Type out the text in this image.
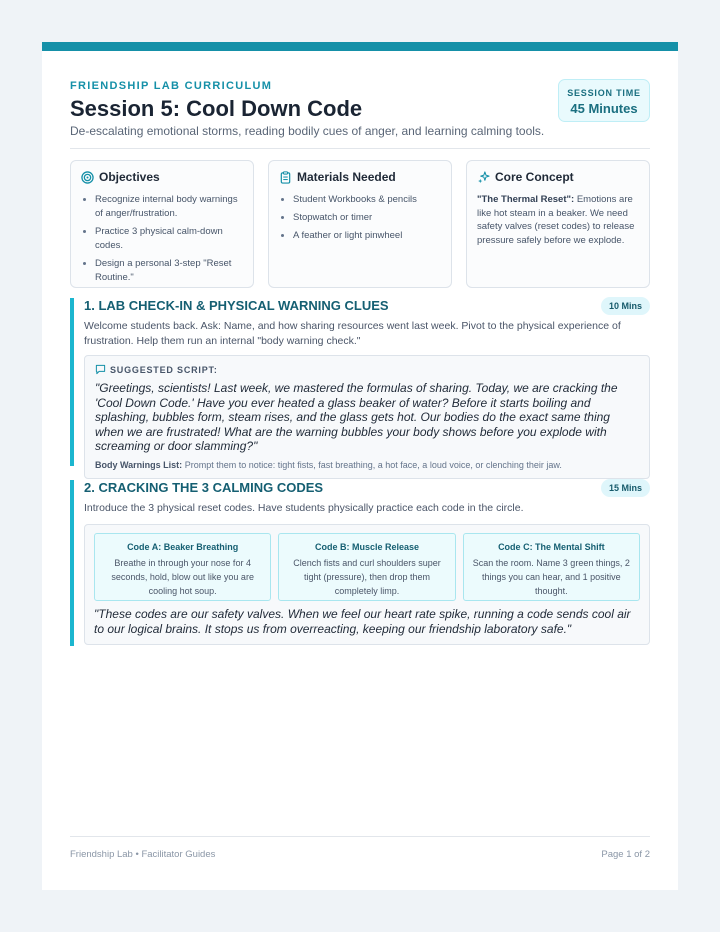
FRIENDSHIP LAB CURRICULUM
Session 5: Cool Down Code
De-escalating emotional storms, reading bodily cues of anger, and learning calming tools.
SESSION TIME
45 Minutes
Objectives
• Recognize internal body warnings of anger/frustration.
• Practice 3 physical calm-down codes.
• Design a personal 3-step "Reset Routine."
Materials Needed
• Student Workbooks & pencils
• Stopwatch or timer
• A feather or light pinwheel
Core Concept
"The Thermal Reset": Emotions are like hot steam in a beaker. We need safety valves (reset codes) to release pressure safely before we explode.
1. LAB CHECK-IN & PHYSICAL WARNING CLUES	10 Mins
Welcome students back. Ask: Name, and how sharing resources went last week. Pivot to the physical experience of frustration. Help them run an internal "body warning check."
SUGGESTED SCRIPT:
"Greetings, scientists! Last week, we mastered the formulas of sharing. Today, we are cracking the 'Cool Down Code.' Have you ever heated a glass beaker of water? Before it starts boiling and splashing, bubbles form, steam rises, and the glass gets hot. Our bodies do the exact same thing when we are frustrated! What are the warning bubbles your body shows before you explode with screaming or door slamming?"
Body Warnings List: Prompt them to notice: tight fists, fast breathing, a hot face, a loud voice, or clenching their jaw.
2. CRACKING THE 3 CALMING CODES	15 Mins
Introduce the 3 physical reset codes. Have students physically practice each code in the circle.
Code A: Beaker Breathing
Breathe in through your nose for 4 seconds, hold, blow out like you are cooling hot soup.
Code B: Muscle Release
Clench fists and curl shoulders super tight (pressure), then drop them completely limp.
Code C: The Mental Shift
Scan the room. Name 3 green things, 2 things you can hear, and 1 positive thought.
"These codes are our safety valves. When we feel our heart rate spike, running a code sends cool air to our logical brains. It stops us from overreacting, keeping our friendship laboratory safe."
Friendship Lab • Facilitator Guides	Page 1 of 2
